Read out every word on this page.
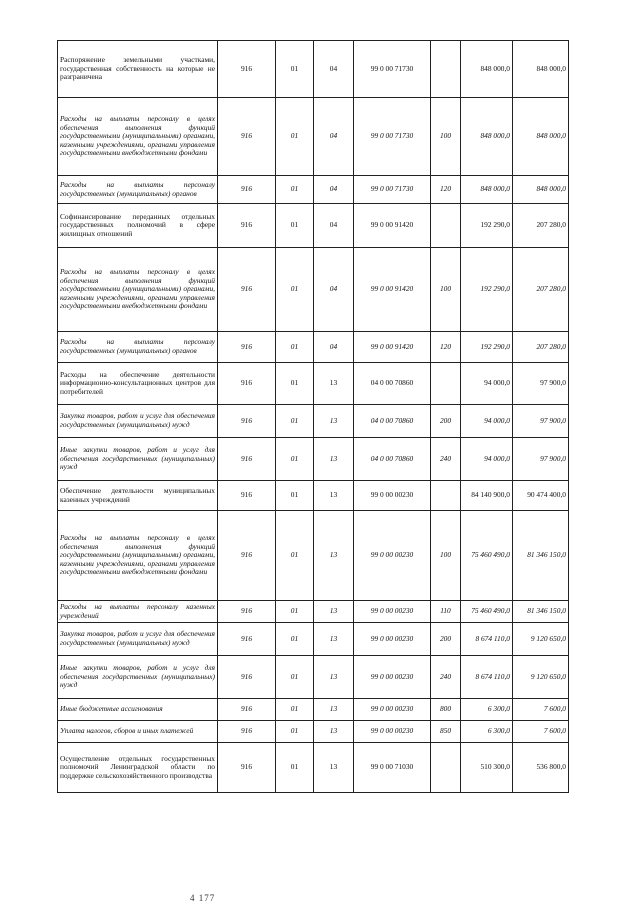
Распоряжение земельными участками, государственная собственность на которые не разграничена	916	01	04	99 0 00 71730		848 000,0	848 000,0
Расходы на выплаты персоналу в целях обеспечения выполнения функций государственными (муниципальными) органами, казенными учреждениями, органами управления государственными внебюджетными фондами	916	01	04	99 0 00 71730	100	848 000,0	848 000,0
Расходы на выплаты персоналу государственных (муниципальных) органов	916	01	04	99 0 00 71730	120	848 000,0	848 000,0
Софинансирование переданных отдельных государственных полномочий в сфере жилищных отношений	916	01	04	99 0 00 91420		192 290,0	207 280,0
Расходы на выплаты персоналу в целях обеспечения выполнения функций государственными (муниципальными) органами, казенными учреждениями, органами управления государственными внебюджетными фондами	916	01	04	99 0 00 91420	100	192 290,0	207 280,0
Расходы на выплаты персоналу государственных (муниципальных) органов	916	01	04	99 0 00 91420	120	192 290,0	207 280,0
Расходы на обеспечение деятельности информационно-консультационных центров для потребителей	916	01	13	04 0 00 70860		94 000,0	97 900,0
Закупка товаров, работ и услуг для обеспечения государственных (муниципальных) нужд	916	01	13	04 0 00 70860	200	94 000,0	97 900,0
Иные закупки товаров, работ и услуг для обеспечения государственных (муниципальных) нужд	916	01	13	04 0 00 70860	240	94 000,0	97 900,0
Обеспечение деятельности муниципальных казенных учреждений	916	01	13	99 0 00 00230		84 140 900,0	90 474 400,0
Расходы на выплаты персоналу в целях обеспечения выполнения функций государственными (муниципальными) органами, казенными учреждениями, органами управления государственными внебюджетными фондами	916	01	13	99 0 00 00230	100	75 460 490,0	81 346 150,0
Расходы на выплаты персоналу казенных учреждений	916	01	13	99 0 00 00230	110	75 460 490,0	81 346 150,0
Закупка товаров, работ и услуг для обеспечения государственных (муниципальных) нужд	916	01	13	99 0 00 00230	200	8 674 110,0	9 120 650,0
Иные закупки товаров, работ и услуг для обеспечения государственных (муниципальных) нужд	916	01	13	99 0 00 00230	240	8 674 110,0	9 120 650,0
Иные бюджетные ассигнования	916	01	13	99 0 00 00230	800	6 300,0	7 600,0
Уплата налогов, сборов и иных платежей	916	01	13	99 0 00 00230	850	6 300,0	7 600,0
Осуществление отдельных государственных полномочий Ленинградской области по поддержке сельскохозяйственного производства	916	01	13	99 0 00 71030		510 300,0	536 800,0
4 177
